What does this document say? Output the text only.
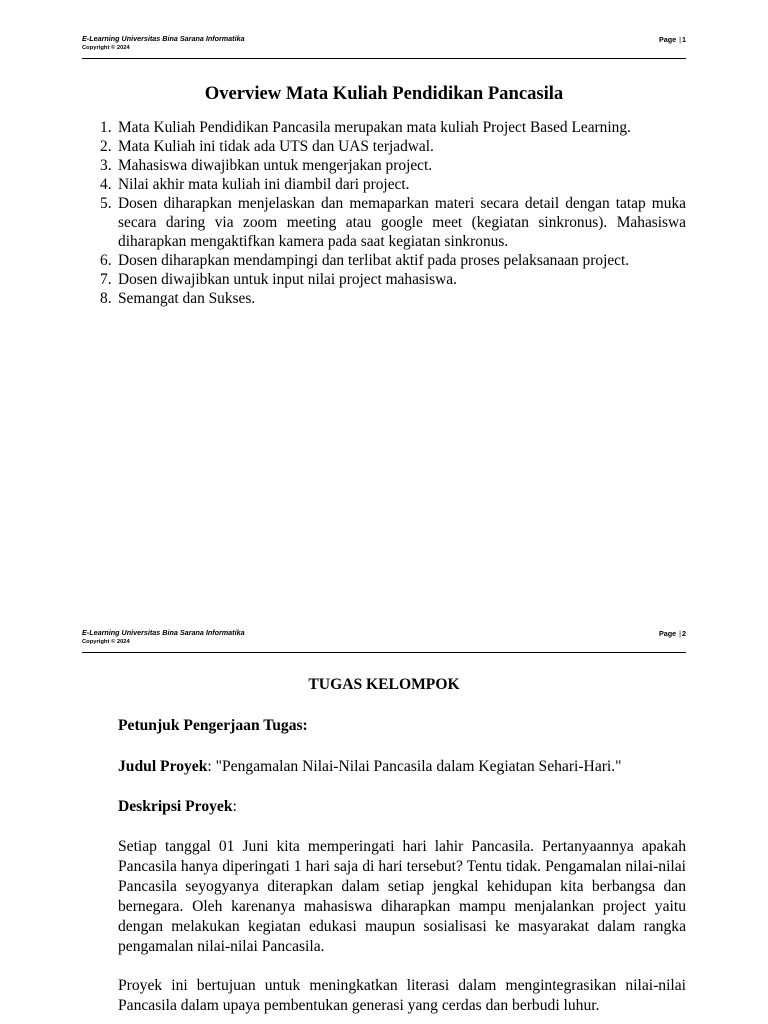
E-Learning Universitas Bina Sarana Informatika
Copyright © 2024
Page |1
Overview Mata Kuliah Pendidikan Pancasila
1. Mata Kuliah Pendidikan Pancasila merupakan mata kuliah Project Based Learning.
2. Mata Kuliah ini tidak ada UTS dan UAS terjadwal.
3. Mahasiswa diwajibkan untuk mengerjakan project.
4. Nilai akhir mata kuliah ini diambil dari project.
5. Dosen diharapkan menjelaskan dan memaparkan materi secara detail dengan tatap muka secara daring via zoom meeting atau google meet (kegiatan sinkronus). Mahasiswa diharapkan mengaktifkan kamera pada saat kegiatan sinkronus.
6. Dosen diharapkan mendampingi dan terlibat aktif pada proses pelaksanaan project.
7. Dosen diwajibkan untuk input nilai project mahasiswa.
8. Semangat dan Sukses.
E-Learning Universitas Bina Sarana Informatika
Copyright © 2024
Page |2
TUGAS KELOMPOK
Petunjuk Pengerjaan Tugas:
Judul Proyek: "Pengamalan Nilai-Nilai Pancasila dalam Kegiatan Sehari-Hari."
Deskripsi Proyek:

Setiap tanggal 01 Juni kita memperingati hari lahir Pancasila. Pertanyaannya apakah Pancasila hanya diperingati 1 hari saja di hari tersebut? Tentu tidak. Pengamalan nilai-nilai Pancasila seyogyanya diterapkan dalam setiap jengkal kehidupan kita berbangsa dan bernegara. Oleh karenanya mahasiswa diharapkan mampu menjalankan project yaitu dengan melakukan kegiatan edukasi maupun sosialisasi ke masyarakat dalam rangka pengamalan nilai-nilai Pancasila.

Proyek ini bertujuan untuk meningkatkan literasi dalam mengintegrasikan nilai-nilai Pancasila dalam upaya pembentukan generasi yang cerdas dan berbudi luhur.
